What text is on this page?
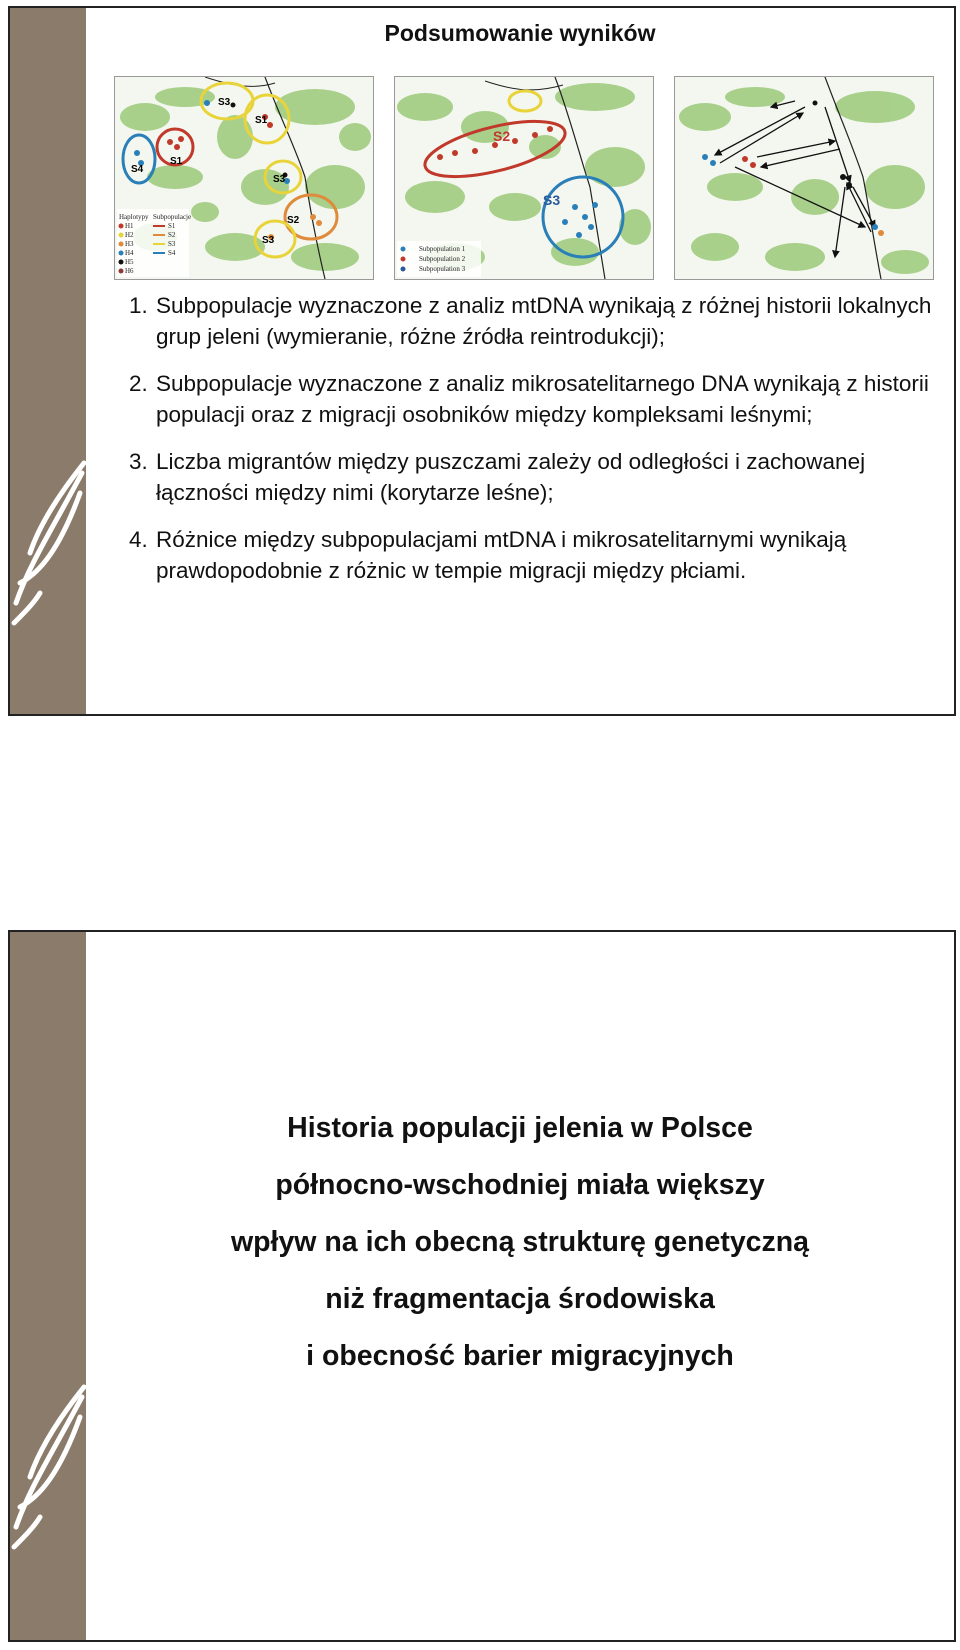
Podsumowanie wyników
S3
S1
S4
S1
S3
S2
S3
Haplotypy Subpopulacje
H1
H2
H3
H4
H5
H6
S1
S2
S3
S4
S2
S3
Subpopulation 1
Subpopulation 2
Subpopulation 3
1. Subpopulacje wyznaczone z analiz mtDNA wynikają z różnej historii lokalnych grup jeleni (wymieranie, różne źródła reintrodukcji);
2. Subpopulacje wyznaczone z analiz mikrosatelitarnego DNA wynikają z historii populacji oraz z migracji osobników między kompleksami leśnymi;
3. Liczba migrantów między puszczami zależy od odległości i zachowanej łączności między nimi (korytarze leśne);
4. Różnice między subpopulacjami mtDNA i mikrosatelitarnymi wynikają prawdopodobnie z różnic w tempie migracji między płciami.
Historia populacji jelenia w Polsce
północno-wschodniej miała większy
wpływ na ich obecną strukturę genetyczną
niż fragmentacja środowiska
i obecność barier migracyjnych
